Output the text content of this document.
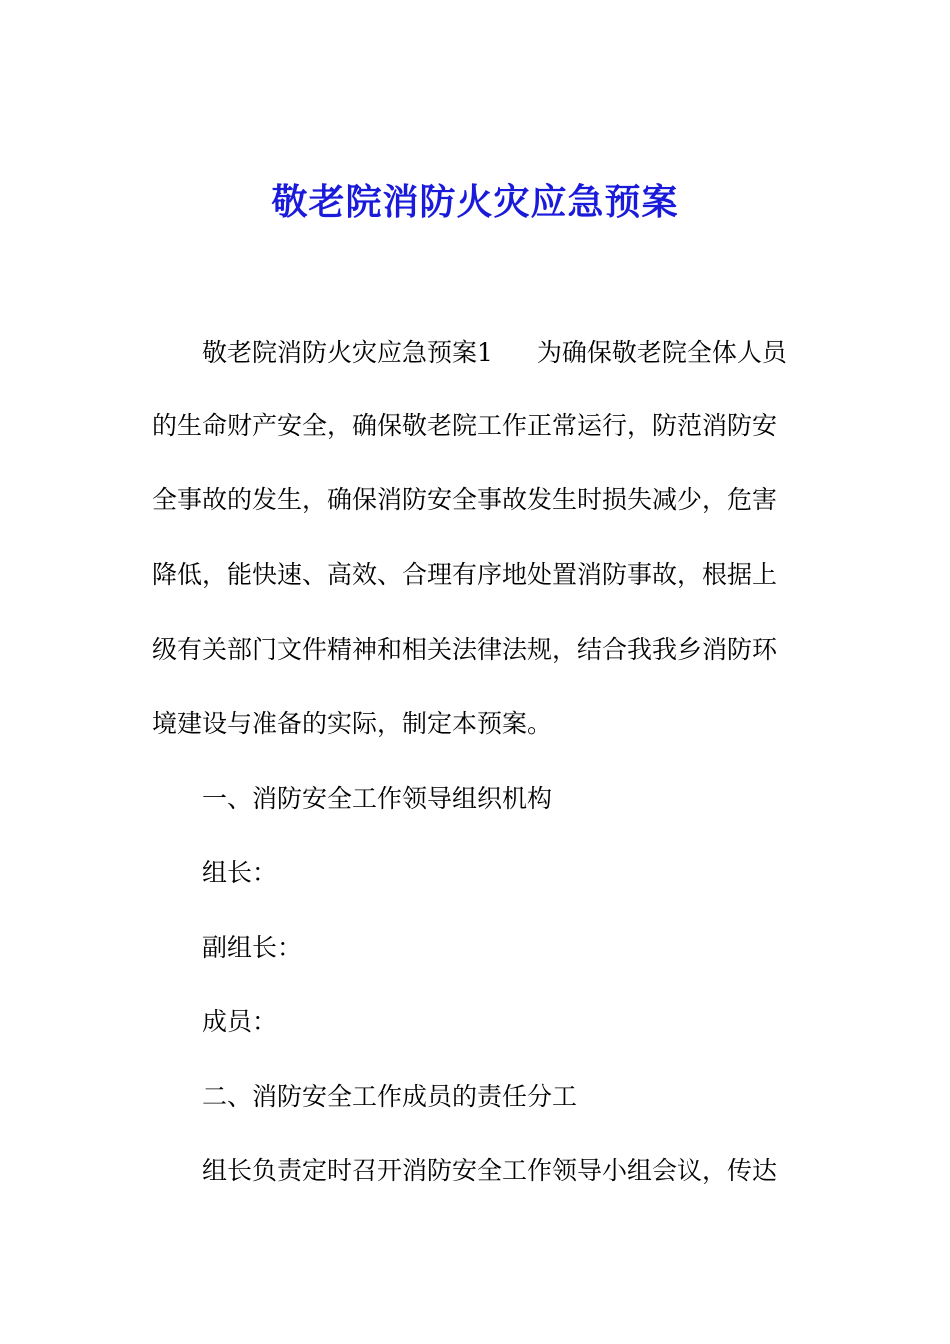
敬老院消防火灾应急预案

敬老院消防火灾应急预案1 为确保敬老院全体人员

的生命财产安全，确保敬老院工作正常运行，防范消防安

全事故的发生，确保消防安全事故发生时损失减少，危害

降低，能快速、高效、合理有序地处置消防事故，根据上

级有关部门文件精神和相关法律法规，结合我我乡消防环

境建设与准备的实际，制定本预案。

一、消防安全工作领导组织机构

组长：

副组长：

成员：

二、消防安全工作成员的责任分工

组长负责定时召开消防安全工作领导小组会议，传达
